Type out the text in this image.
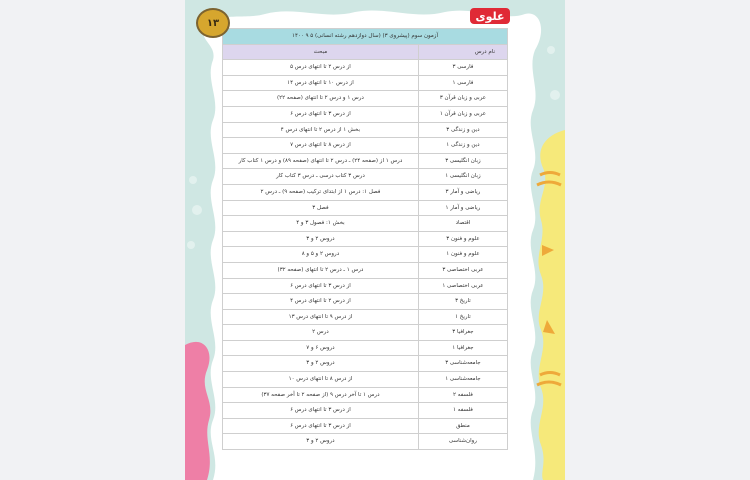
۱۳
علوی
آزمون سوم (پیشروی ۳) (سال دوازدهم رشته انسانی) ۵ ۹ ۱۴۰۰	
نام درس	مبحث
فارسی ۳	از درس ۲ تا انتهای درس ۵
فارسی ۱	از درس ۱۰ تا انتهای درس ۱۴
عربی و زبان قرآن ۳	درس ۱ و درس ۲ تا انتهای (صفحه ۲۲)
عربی و زبان قرآن ۱	از درس ۳ تا انتهای درس ۶
دین و زندگی ۳	بخش ۱ از درس ۲ تا انتهای درس ۴
دین و زندگی ۱	از درس ۸ تا انتهای درس ۷
زبان انگلیسی ۳	درس ۱ از (صفحه ۲۴) ـ درس ۲ تا انتهای (صفحه ۸۹) و درس ۱ کتاب کار
زبان انگلیسی ۱	درس ۳ کتاب درسی ـ درس ۳ کتاب کار
ریاضی و آمار ۳	فصل ۱: درس ۱ از ابتدای ترکیب (صفحه ۹) ـ درس ۲
ریاضی و آمار ۱	فصل ۳
اقتصاد	بخش ۱: فصول ۳ و ۴
علوم و فنون ۳	دروس ۲ و ۳
علوم و فنون ۱	دروس ۲ و ۵ و ۸
عربی اختصاصی ۳	درس ۱ ـ درس ۲ تا انتهای (صفحه ۳۲)
عربی اختصاصی ۱	از درس ۳ تا انتهای درس ۶
تاریخ ۳	از درس ۲ تا انتهای درس ۴
تاریخ ۱	از درس ۹ تا انتهای درس ۱۳
جغرافیا ۳	درس ۲
جغرافیا ۱	دروس ۶ و ۷
جامعه‌شناسی ۳	دروس ۲ و ۳
جامعه‌شناسی ۱	از درس ۸ تا انتهای درس ۱۰
فلسفه ۲	درس ۱ تا آخر درس ۹ (از صفحه ۲ تا آخر صفحه ۳۷)
فلسفه ۱	از درس ۳ تا انتهای درس ۶
منطق	از درس ۳ تا انتهای درس ۶
روان‌شناسی	دروس ۲ و ۳
